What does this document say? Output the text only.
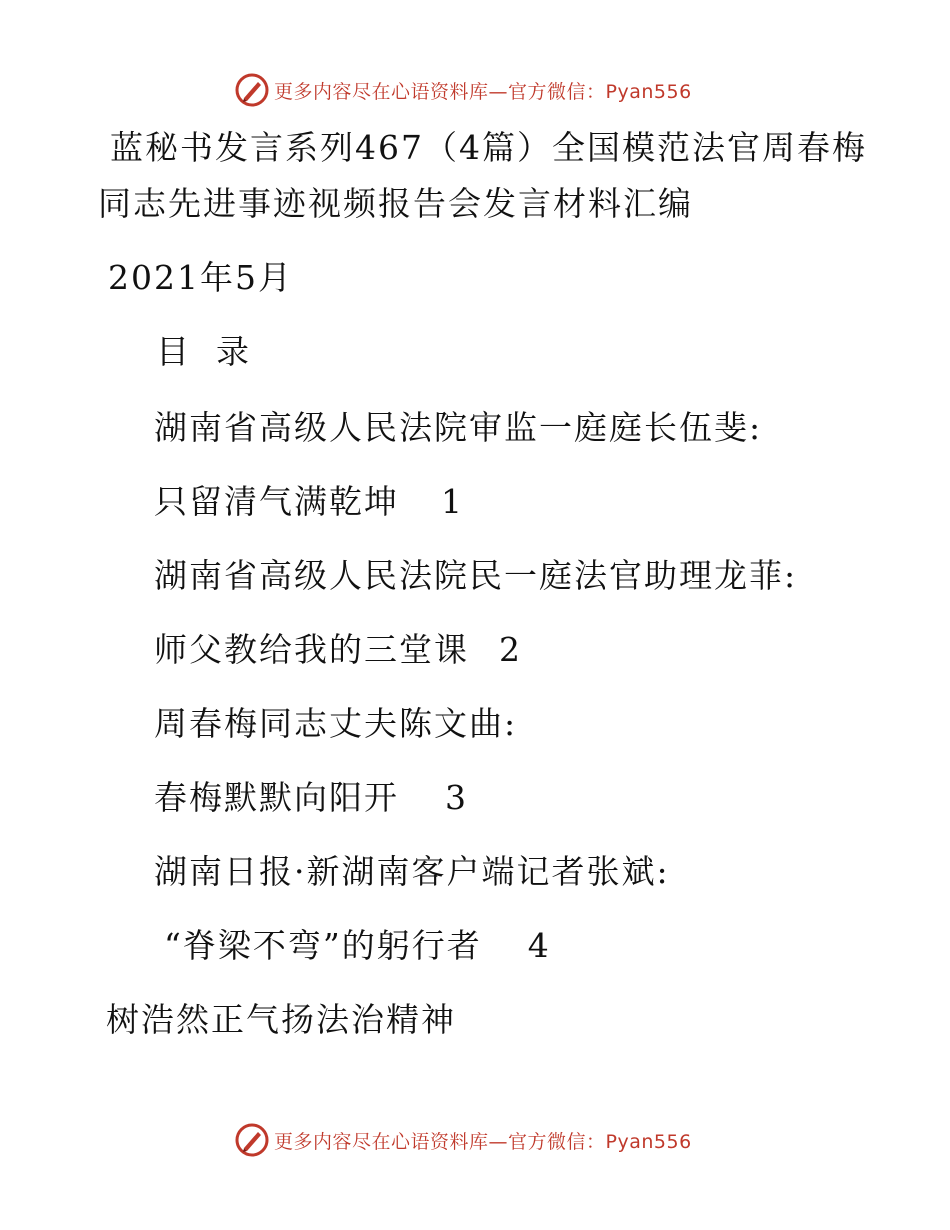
更多内容尽在心语资料库—官方微信：Pyan556
蓝秘书发言系列467（4篇）全国模范法官周春梅
同志先进事迹视频报告会发言材料汇编
2021年5月
目  录
湖南省高级人民法院审监一庭庭长伍斐:
只留清气满乾坤 1
湖南省高级人民法院民一庭法官助理龙菲:
师父教给我的三堂课 2
周春梅同志丈夫陈文曲:
春梅默默向阳开 3
湖南日报·新湖南客户端记者张斌:
“脊梁不弯”的躬行者 4
树浩然正气扬法治精神
更多内容尽在心语资料库—官方微信：Pyan556
